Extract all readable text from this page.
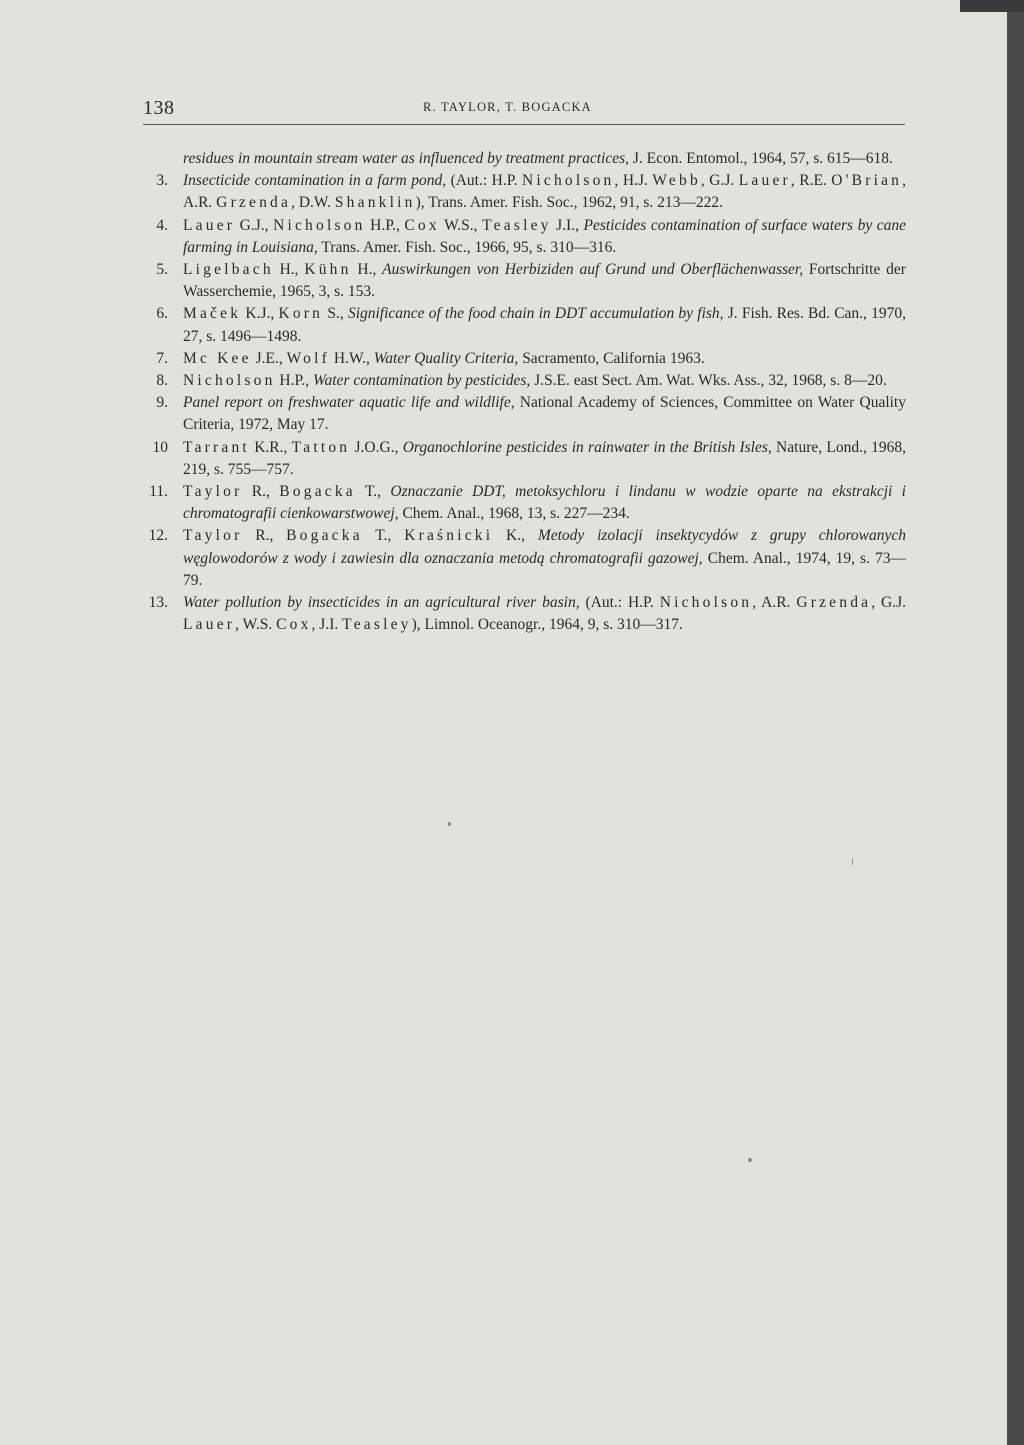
138	R. TAYLOR, T. BOGACKA
residues in mountain stream water as influenced by treatment practices, J. Econ. Entomol., 1964, 57, s. 615—618.
3. Insecticide contamination in a farm pond, (Aut.: H.P. Nicholson, H.J. Webb, G.J. Lauer, R.E. O'Brian, A.R. Grzenda, D.W. Shanklin), Trans. Amer. Fish. Soc., 1962, 91, s. 213—222.
4. Lauer G.J., Nicholson H.P., Cox W.S., Teasley J.I., Pesticides contamination of surface waters by cane farming in Louisiana, Trans. Amer. Fish. Soc., 1966, 95, s. 310—316.
5. Ligelbach H., Kühn H., Auswirkungen von Herbiziden auf Grund und Oberflächenwasser, Fortschritte der Wasserchemie, 1965, 3, s. 153.
6. Maček K.J., Korn S., Significance of the food chain in DDT accumulation by fish, J. Fish. Res. Bd. Can., 1970, 27, s. 1496—1498.
7. Mc Kee J.E., Wolf H.W., Water Quality Criteria, Sacramento, California 1963.
8. Nicholson H.P., Water contamination by pesticides, J.S.E. east Sect. Am. Wat. Wks. Ass., 32, 1968, s. 8—20.
9. Panel report on freshwater aquatic life and wildlife, National Academy of Sciences, Committee on Water Quality Criteria, 1972, May 17.
10 Tarrant K.R., Tatton J.O.G., Organochlorine pesticides in rainwater in the British Isles, Nature, Lond., 1968, 219, s. 755—757.
11. Taylor R., Bogacka T., Oznaczanie DDT, metoksychloru i lindanu w wodzie oparte na ekstrakcji i chromatografii cienkowarstwowej, Chem. Anal., 1968, 13, s. 227—234.
12. Taylor R., Bogacka T., Kraśnicki K., Metody izolacji insektycydów z grupy chlorowanych węglowodorów z wody i zawiesin dla oznaczania metodą chromatografii gazowej, Chem. Anal., 1974, 19, s. 73—79.
13. Water pollution by insecticides in an agricultural river basin, (Aut.: H.P. Nicholson, A.R. Grzenda, G.J. Lauer, W.S. Cox, J.I. Teasley), Limnol. Oceanogr., 1964, 9, s. 310—317.
